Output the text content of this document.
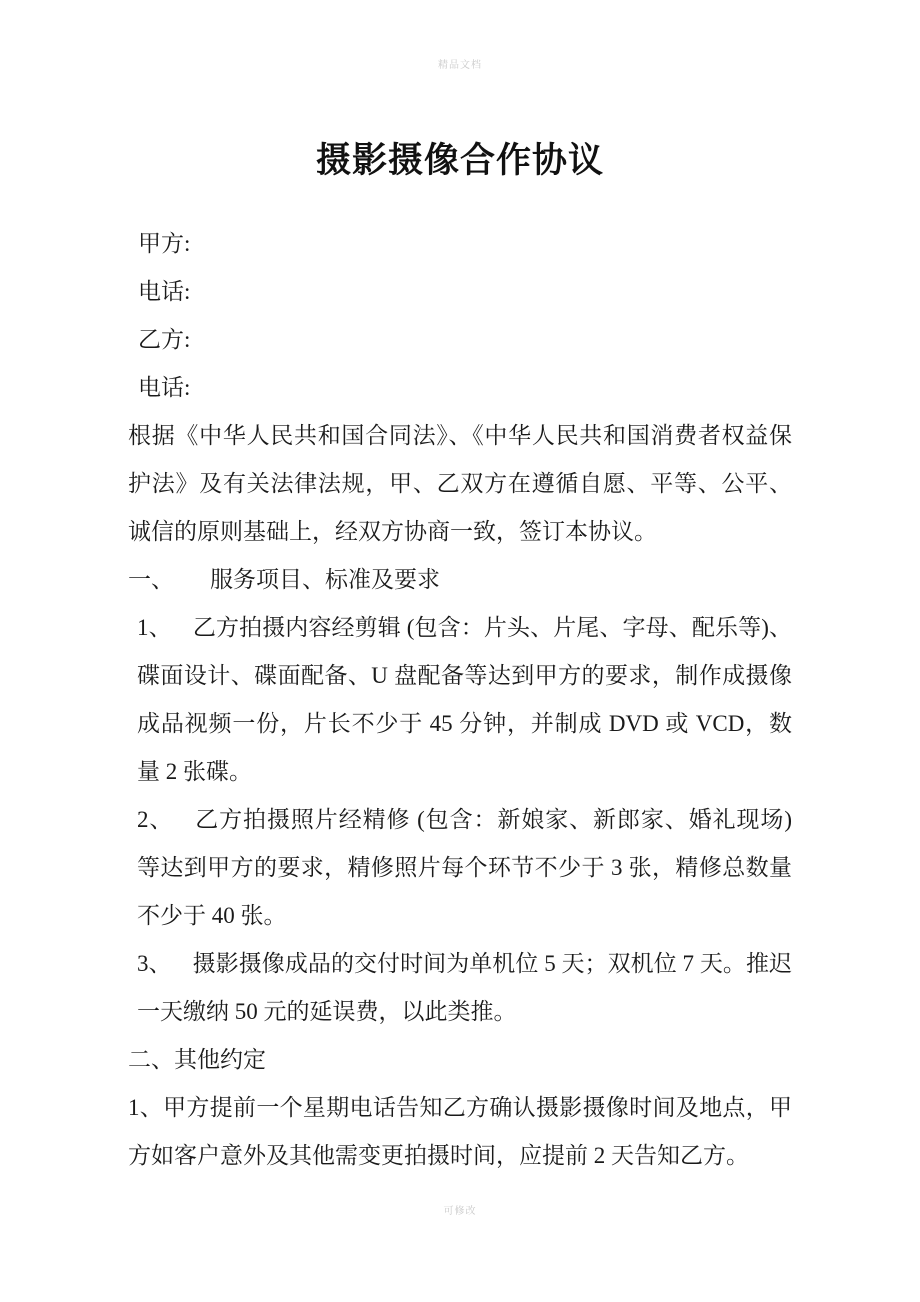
精品文档
摄影摄像合作协议

甲方:

电话:

乙方:

电话:

根据《中华人民共和国合同法》、《中华人民共和国消费者权益保护法》及有关法律法规，甲、乙双方在遵循自愿、平等、公平、诚信的原则基础上，经双方协商一致，签订本协议。

一、 服务项目、标准及要求

1、 乙方拍摄内容经剪辑 (包含：片头、片尾、字母、配乐等)、碟面设计、碟面配备、U 盘配备等达到甲方的要求，制作成摄像成品视频一份，片长不少于 45 分钟，并制成 DVD 或 VCD，数量 2 张碟。
2、 乙方拍摄照片经精修 (包含：新娘家、新郎家、婚礼现场) 等达到甲方的要求，精修照片每个环节不少于 3 张，精修总数量不少于 40 张。
3、 摄影摄像成品的交付时间为单机位 5 天；双机位 7 天。推迟一天缴纳 50 元的延误费，以此类推。

二、其他约定

1、甲方提前一个星期电话告知乙方确认摄影摄像时间及地点，甲方如客户意外及其他需变更拍摄时间，应提前 2 天告知乙方。

可修改
